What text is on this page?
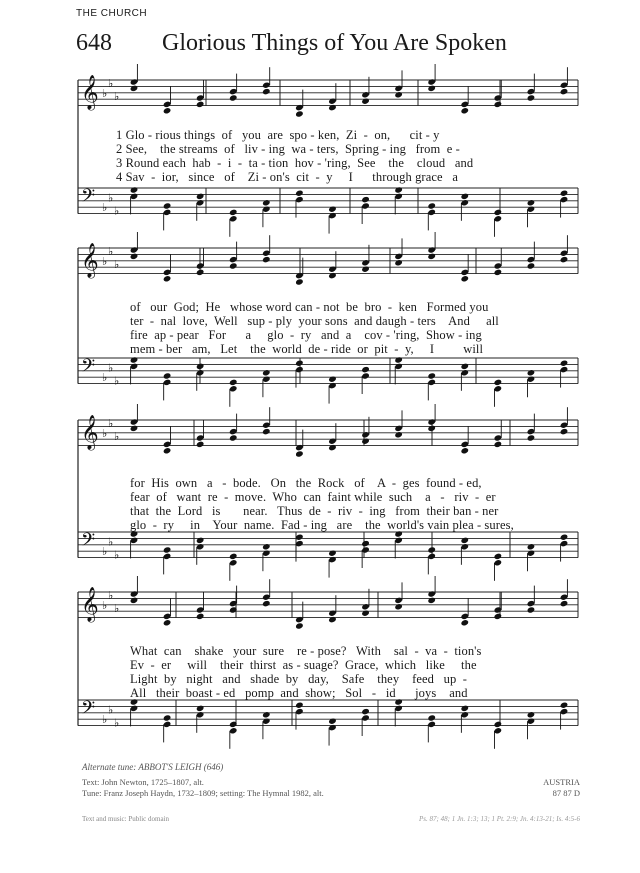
THE CHURCH
648 Glorious Things of You Are Spoken
𝄞 ♭
♭
♭
𝄢 ♭
♭
♭
𝄞 ♭
♭
♭
𝄢 ♭
♭
♭
𝄞 ♭
♭
♭
𝄢 ♭
♭
♭
𝄞 ♭
♭
♭
𝄢 ♭
♭
♭
1 Glo - rious things  of   you  are  spo - ken,  Zi  -  on,      cit - y
2 See,    the streams  of   liv - ing  wa - ters,  Spring - ing   from  e -
3 Round each  hab  -  i  -  ta - tion  hov - 'ring,  See    the    cloud   and
4 Sav  -  ior,   since   of    Zi - on's  cit  -  y     I      through grace   a
of   our  God;  He   whose word can - not  be  bro  -  ken   Formed you
ter  -  nal  love,  Well   sup - ply  your sons  and daugh - ters    And     all
fire  ap - pear   For      a     glo  -  ry   and  a    cov - 'ring,  Show - ing
mem - ber   am,   Let    the  world  de - ride  or  pit  -  y,     I         will
for  His  own   a   -  bode.   On   the  Rock   of    A  -  ges  found - ed,
fear  of   want  re  -  move.  Who  can  faint while  such    a   -   riv  -  er
that  the  Lord   is       near.   Thus  de  -  riv  -  ing   from  their ban - ner
glo  -  ry     in    Your  name.  Fad - ing   are    the  world's vain plea - sures,
What  can    shake   your  sure    re - pose?   With    sal  -  va  -  tion's
Ev  -  er     will    their  thirst  as - suage?  Grace,  which   like     the
Light  by   night   and   shade  by   day,    Safe    they    feed   up  -
All   their  boast - ed   pomp  and  show;   Sol   -   id      joys    and
Alternate tune: ABBOT'S LEIGH (646)
Text: John Newton, 1725–1807, alt.
Tune: Franz Joseph Haydn, 1732–1809; setting: The Hymnal 1982, alt.
AUSTRIA
87 87 D
Text and music: Public domain	Ps. 87; 48; 1 Jn. 1:3; 13; 1 Pt. 2:9; Jn. 4:13-21; Is. 4:5-6
